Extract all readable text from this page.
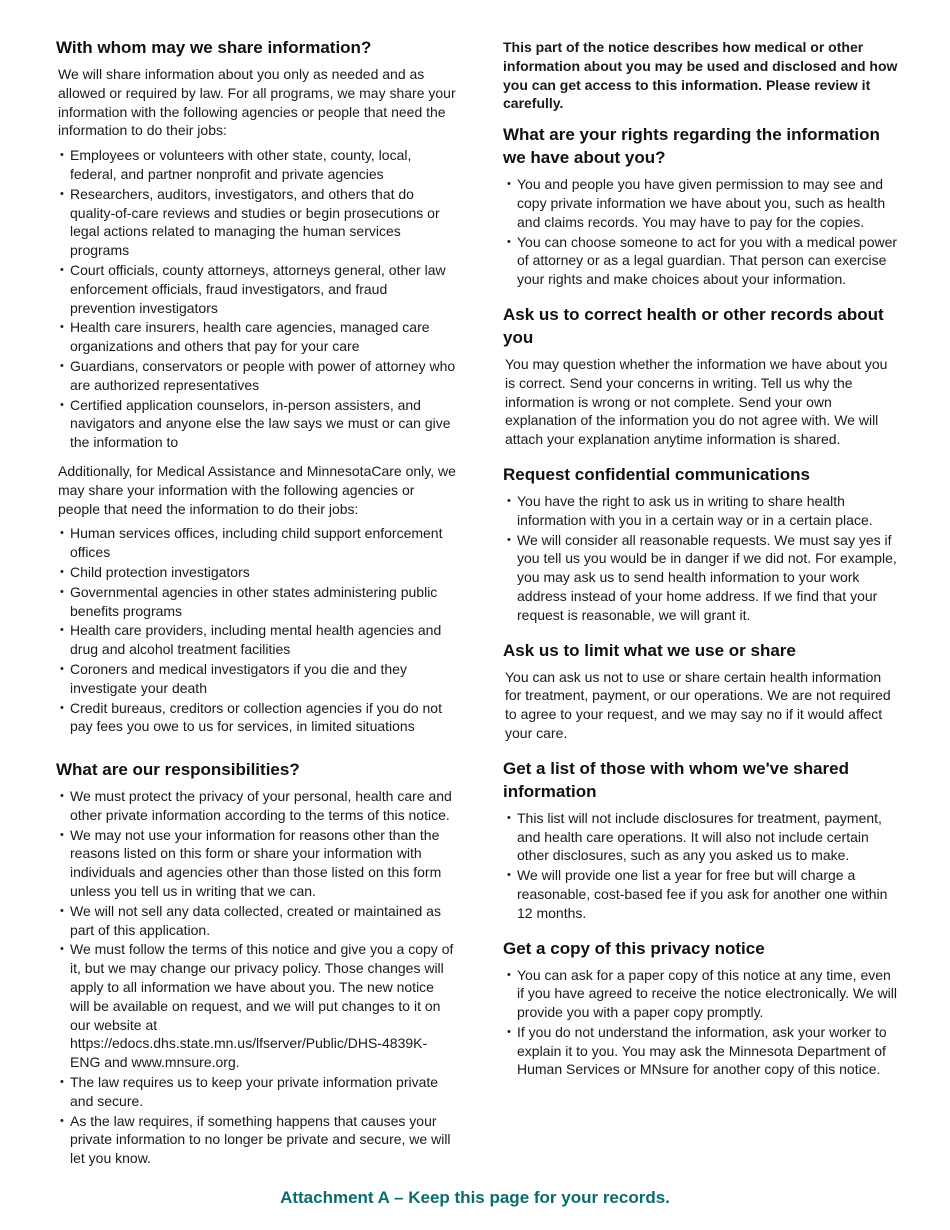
With whom may we share information?

We will share information about you only as needed and as allowed or required by law. For all programs, we may share your information with the following agencies or people that need the information to do their jobs:

• Employees or volunteers with other state, county, local, federal, and partner nonprofit and private agencies
• Researchers, auditors, investigators, and others that do quality-of-care reviews and studies or begin prosecutions or legal actions related to managing the human services programs
• Court officials, county attorneys, attorneys general, other law enforcement officials, fraud investigators, and fraud prevention investigators
• Health care insurers, health care agencies, managed care organizations and others that pay for your care
• Guardians, conservators or people with power of attorney who are authorized representatives
• Certified application counselors, in-person assisters, and navigators and anyone else the law says we must or can give the information to

Additionally, for Medical Assistance and MinnesotaCare only, we may share your information with the following agencies or people that need the information to do their jobs:

• Human services offices, including child support enforcement offices
• Child protection investigators
• Governmental agencies in other states administering public benefits programs
• Health care providers, including mental health agencies and drug and alcohol treatment facilities
• Coroners and medical investigators if you die and they investigate your death
• Credit bureaus, creditors or collection agencies if you do not pay fees you owe to us for services, in limited situations
What are our responsibilities?
• We must protect the privacy of your personal, health care and other private information according to the terms of this notice.
• We may not use your information for reasons other than the reasons listed on this form or share your information with individuals and agencies other than those listed on this form unless you tell us in writing that we can.
• We will not sell any data collected, created or maintained as part of this application.
• We must follow the terms of this notice and give you a copy of it, but we may change our privacy policy. Those changes will apply to all information we have about you. The new notice will be available on request, and we will put changes to it on our website at https://edocs.dhs.state.mn.us/lfserver/Public/DHS-4839K-ENG and www.mnsure.org.
• The law requires us to keep your private information private and secure.
• As the law requires, if something happens that causes your private information to no longer be private and secure, we will let you know.

This part of the notice describes how medical or other information about you may be used and disclosed and how you can get access to this information. Please review it carefully.

What are your rights regarding the information we have about you?
• You and people you have given permission to may see and copy private information we have about you, such as health and claims records. You may have to pay for the copies.
• You can choose someone to act for you with a medical power of attorney or as a legal guardian. That person can exercise your rights and make choices about your information.
Ask us to correct health or other records about you

You may question whether the information we have about you is correct. Send your concerns in writing. Tell us why the information is wrong or not complete. Send your own explanation of the information you do not agree with. We will attach your explanation anytime information is shared.

Request confidential communications
• You have the right to ask us in writing to share health information with you in a certain way or in a certain place.
• We will consider all reasonable requests. We must say yes if you tell us you would be in danger if we did not. For example, you may ask us to send health information to your work address instead of your home address. If we find that your request is reasonable, we will grant it.
Ask us to limit what we use or share

You can ask us not to use or share certain health information for treatment, payment, or our operations. We are not required to agree to your request, and we may say no if it would affect your care.

Get a list of those with whom we've shared information
• This list will not include disclosures for treatment, payment, and health care operations. It will also not include certain other disclosures, such as any you asked us to make.
• We will provide one list a year for free but will charge a reasonable, cost-based fee if you ask for another one within 12 months.
Get a copy of this privacy notice
• You can ask for a paper copy of this notice at any time, even if you have agreed to receive the notice electronically. We will provide you with a paper copy promptly.
• If you do not understand the information, ask your worker to explain it to you. You may ask the Minnesota Department of Human Services or MNsure for another copy of this notice.
Attachment A – Keep this page for your records.
